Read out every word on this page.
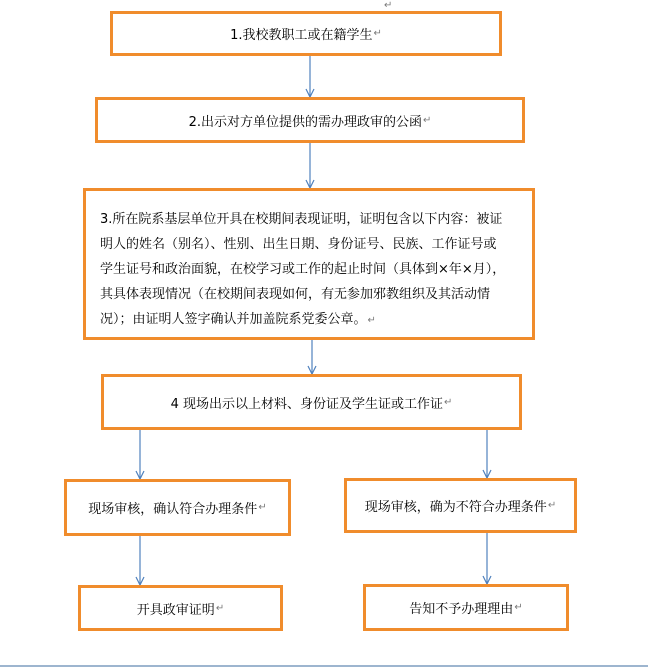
↵
1.我校教职工或在籍学生 ↵
2.出示对方单位提供的需办理政审的公函 ↵
3.所在院系基层单位开具在校期间表现证明，证明包含以下内容：被证
明人的姓名（别名）、性别、出生日期、身份证号、民族、工作证号或
学生证号和政治面貌，在校学习或工作的起止时间（具体到×年×月），
其具体表现情况（在校期间表现如何，有无参加邪教组织及其活动情
况）；由证明人签字确认并加盖院系党委公章。↵
4 现场出示以上材料、身份证及学生证或工作证 ↵
现场审核，确认符合办理条件 ↵	现场审核，确为不符合办理条件 ↵
开具政审证明 ↵	告知不予办理理由 ↵
